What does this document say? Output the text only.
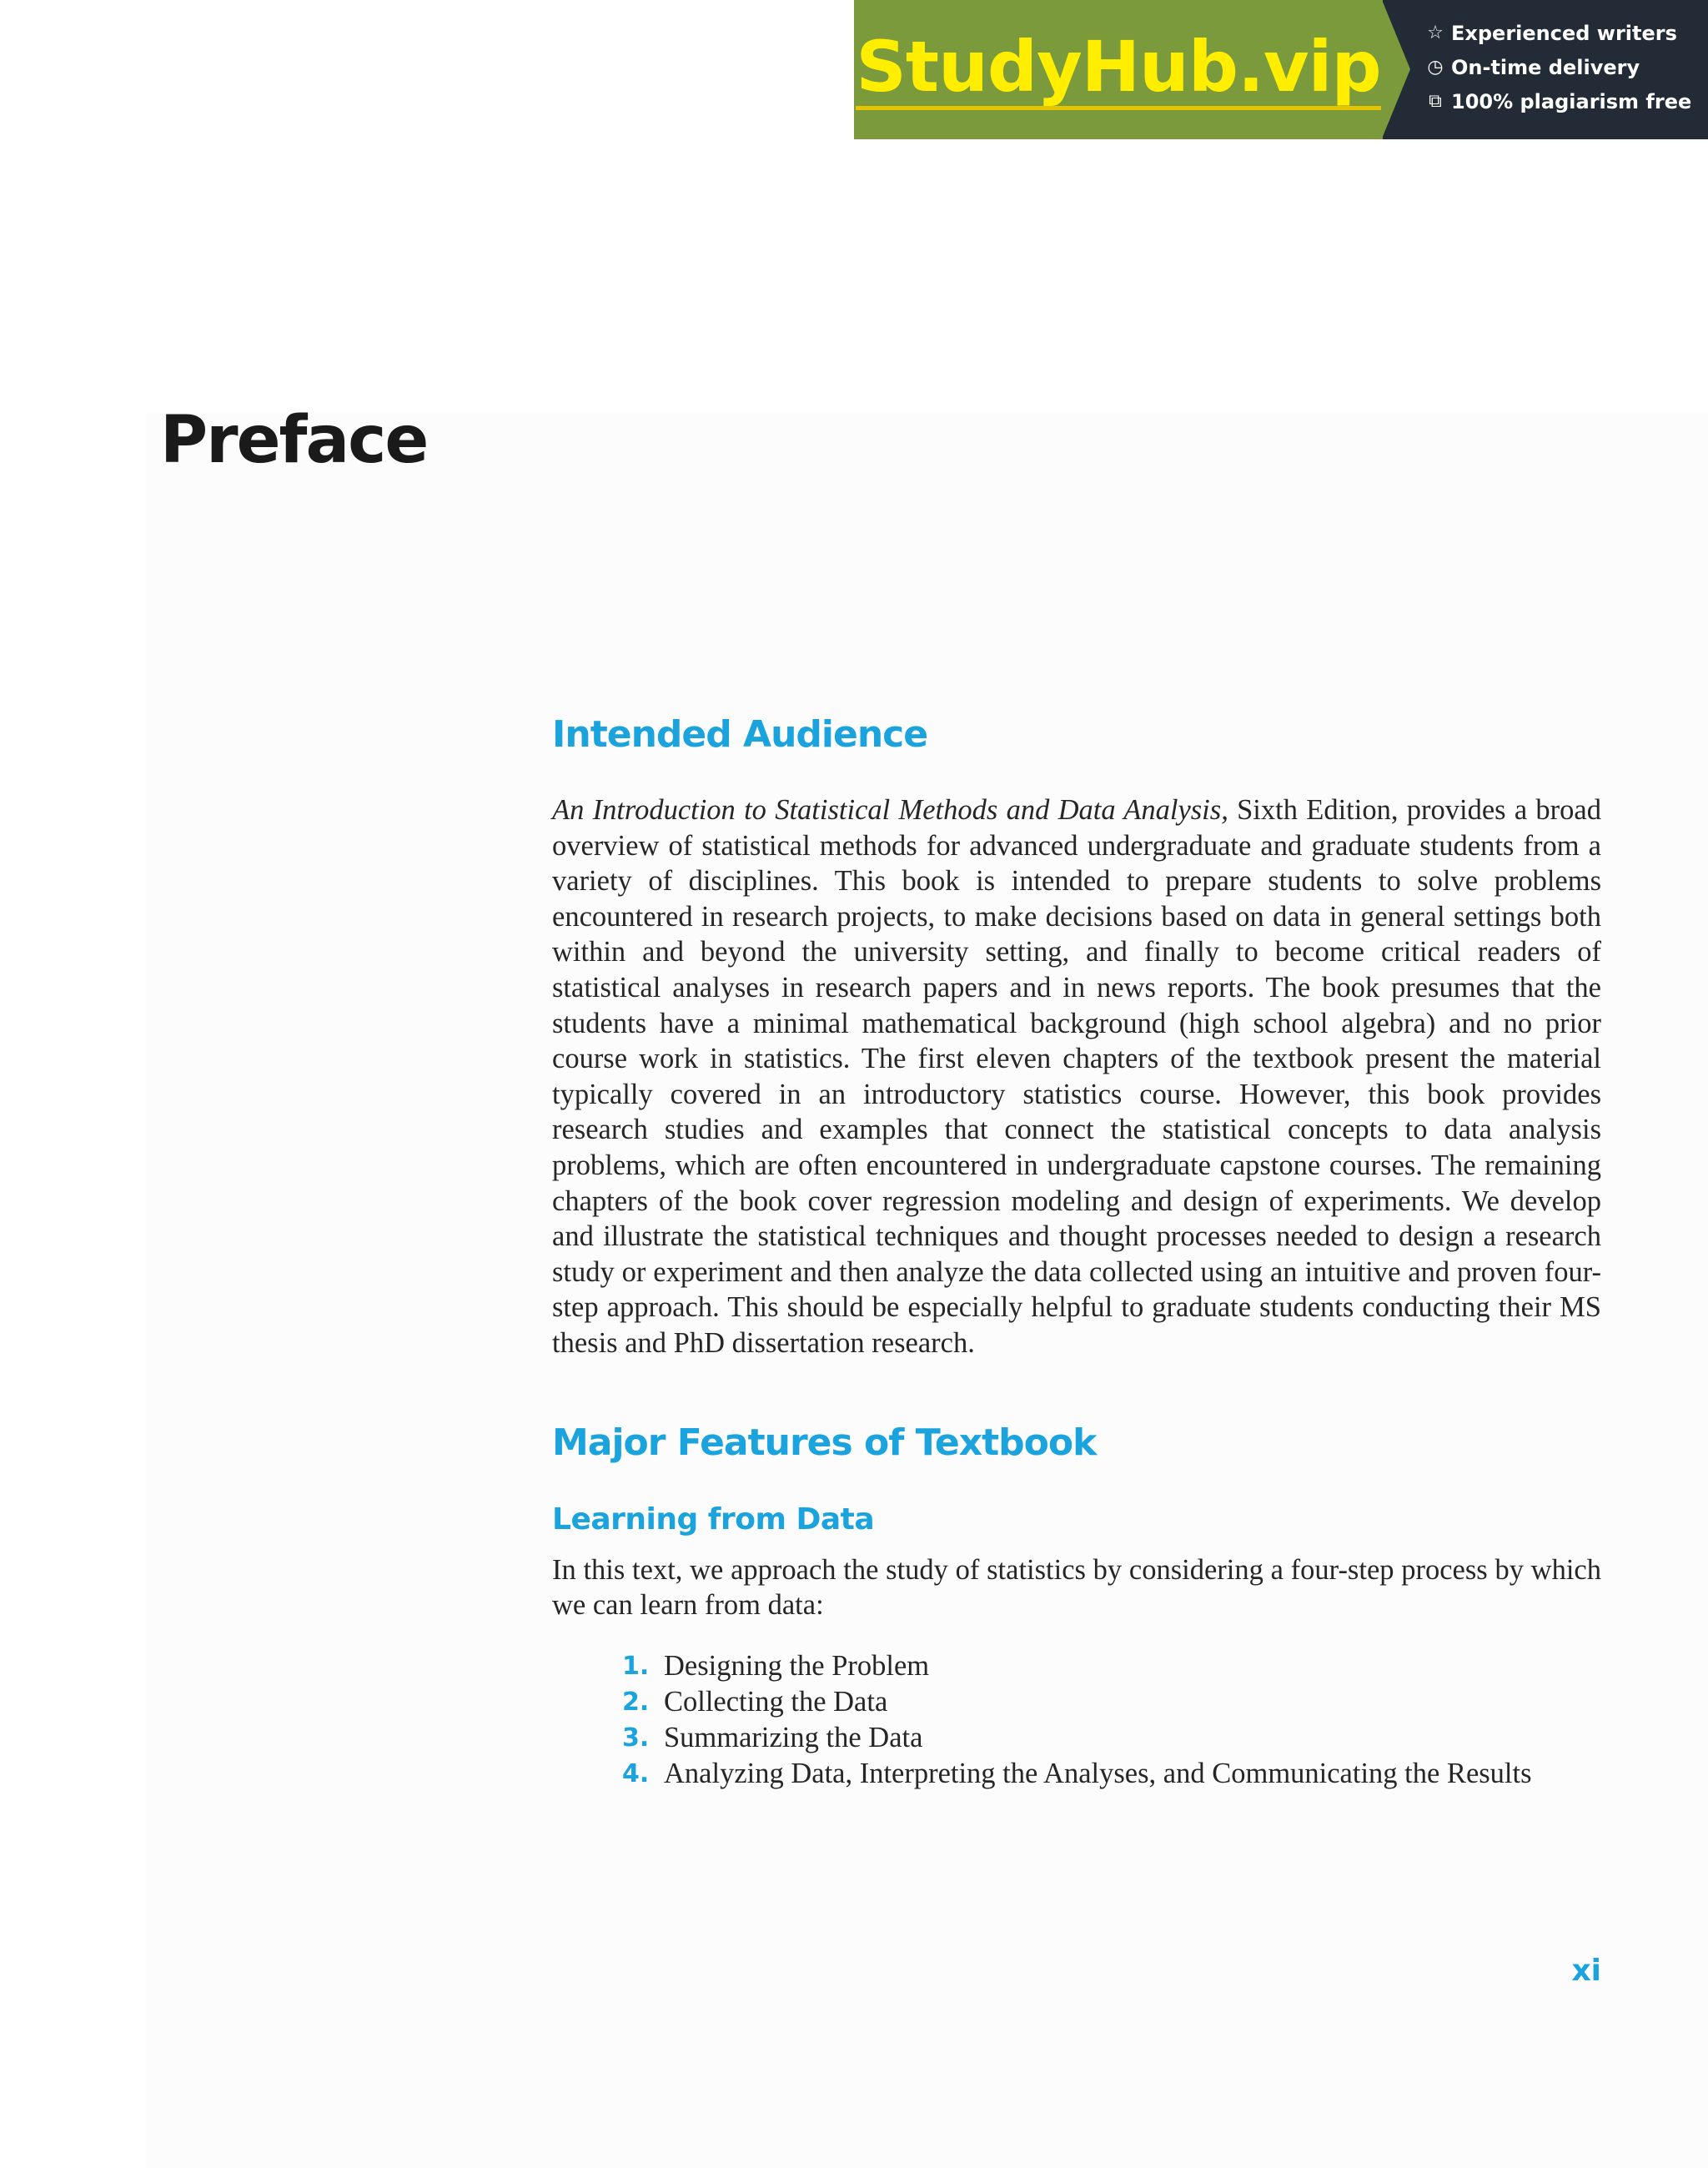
StudyHub.vip	☆ Experienced writers
◷ On-time delivery
⧉ 100% plagiarism free
Preface
Intended Audience

An Introduction to Statistical Methods and Data Analysis, Sixth Edition, provides a broad overview of statistical methods for advanced undergraduate and graduate students from a variety of disciplines. This book is intended to prepare students to solve problems encountered in research projects, to make decisions based on data in general settings both within and beyond the university setting, and finally to become critical readers of statistical analyses in research papers and in news reports. The book presumes that the students have a minimal mathematical background (high school algebra) and no prior course work in statistics. The first eleven chapters of the textbook present the material typically covered in an introductory statistics course. However, this book provides research studies and examples that connect the statistical concepts to data analysis problems, which are often encountered in undergraduate capstone courses. The remaining chapters of the book cover regression modeling and design of experiments. We develop and illustrate the statistical techniques and thought processes needed to design a research study or experiment and then analyze the data collected using an intuitive and proven four-step approach. This should be especially helpful to graduate students conducting their MS thesis and PhD dissertation research.

Major Features of Textbook
Learning from Data

In this text, we approach the study of statistics by considering a four-step process by which we can learn from data:

1. Designing the Problem
2. Collecting the Data
3. Summarizing the Data
4. Analyzing Data, Interpreting the Analyses, and Communicating the Results
xi
